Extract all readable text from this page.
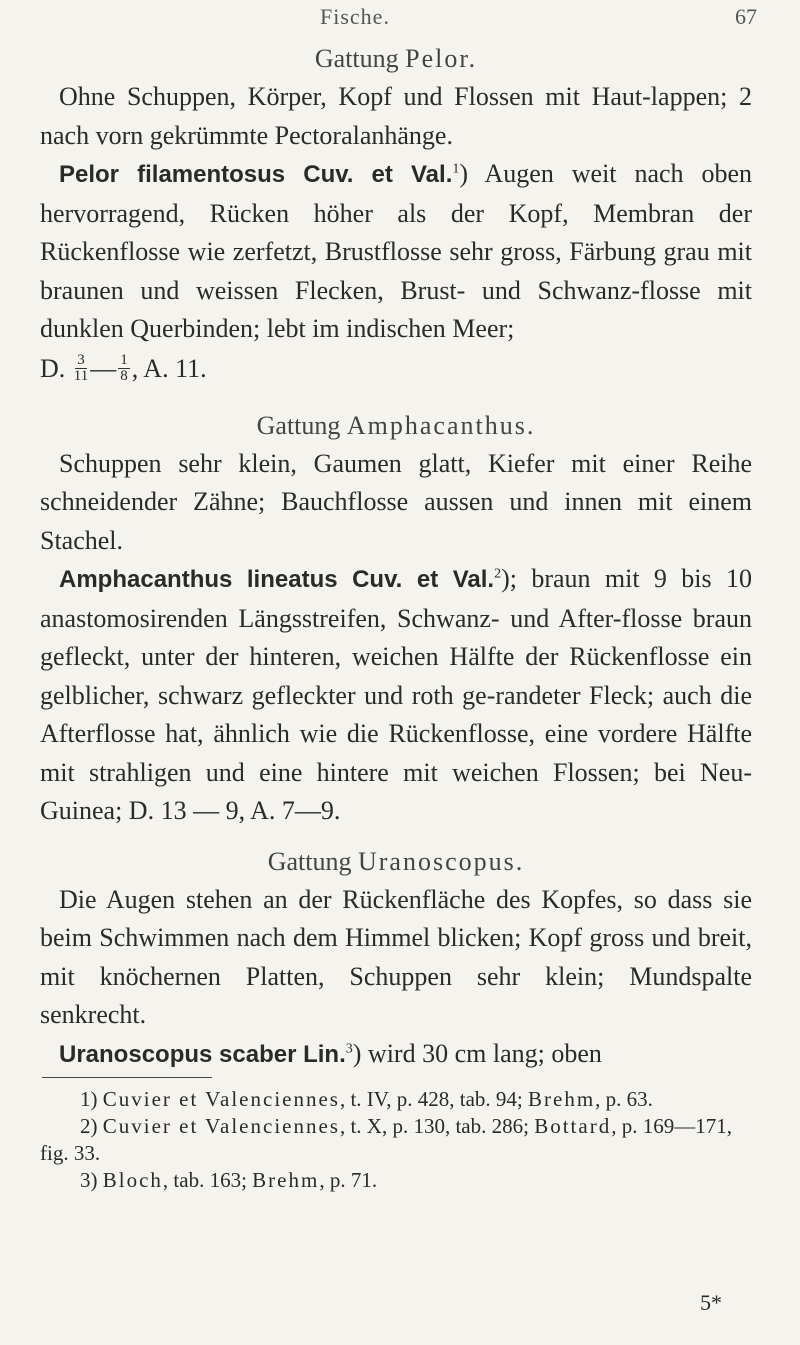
Fische.	67

Gattung Pelor.

Ohne Schuppen, Körper, Kopf und Flossen mit Haut-lappen; 2 nach vorn gekrümmte Pectoralanhänge.

Pelor filamentosus Cuv. et Val.$^1$) Augen weit nach oben hervorragend, Rücken höher als der Kopf, Membran der Rückenflosse wie zerfetzt, Brustflosse sehr gross, Färbung grau mit braunen und weissen Flecken, Brust- und Schwanz-flosse mit dunklen Querbinden; lebt im indischen Meer;

D.
$\frac{3}{11}$ — $\frac{1}{8}$ , A. 11.

Gattung Amphacanthus.

Schuppen sehr klein, Gaumen glatt, Kiefer mit einer Reihe schneidender Zähne; Bauchflosse aussen und innen mit einem Stachel.

Amphacanthus lineatus Cuv. et Val.$^2$); braun mit 9 bis 10 anastomosirenden Längsstreifen, Schwanz- und After-flosse braun gefleckt, unter der hinteren, weichen Hälfte der Rückenflosse ein gelblicher, schwarz gefleckter und roth ge-randeter Fleck; auch die Afterflosse hat, ähnlich wie die Rückenflosse, eine vordere Hälfte mit strahligen und eine hintere mit weichen Flossen; bei Neu-Guinea; D. 13 — 9, A. 7—9.

Gattung Uranoscopus.

Die Augen stehen an der Rückenfläche des Kopfes, so dass sie beim Schwimmen nach dem Himmel blicken; Kopf gross und breit, mit knöchernen Platten, Schuppen sehr klein; Mundspalte senkrecht.

Uranoscopus scaber Lin.$^3$) wird 30 cm lang; oben

1) Cuvier et Valenciennes, t. IV, p. 428, tab. 94; Brehm, p. 63.

2) Cuvier et Valenciennes, t. X, p. 130, tab. 286; Bottard, p. 169—171, fig. 33.

3) Bloch, tab. 163; Brehm, p. 71.

5*
